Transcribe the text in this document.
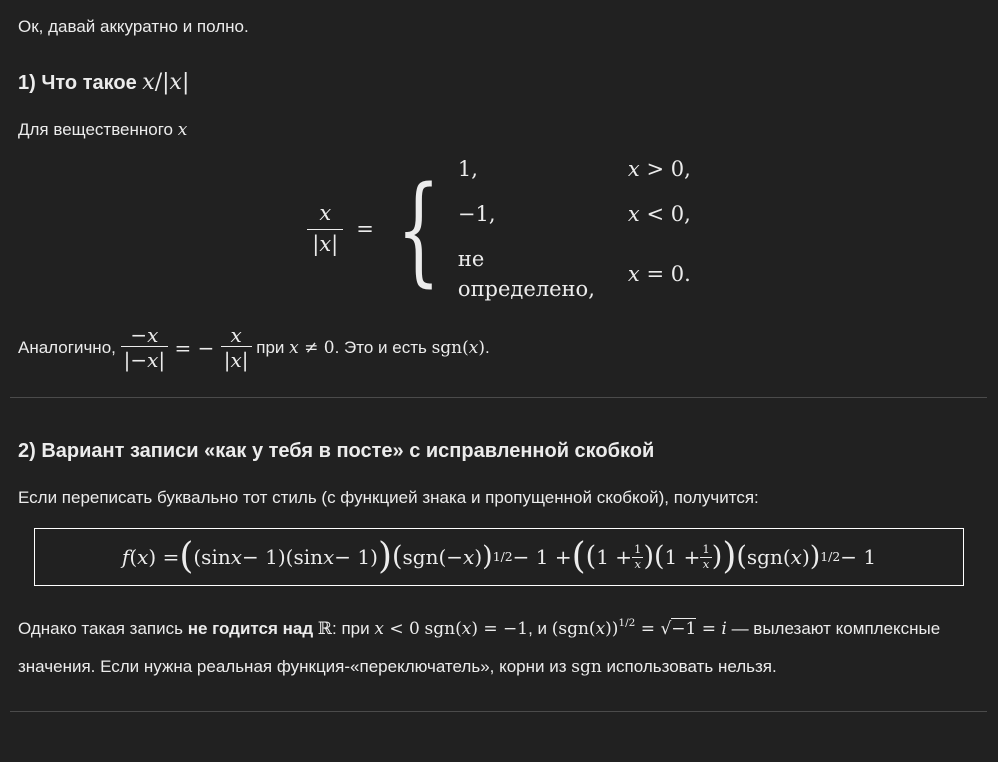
Ок, давай аккуратно и полно.

1) Что такое x/|x|

Для вещественного x

$\frac{x}{|x|}$ = { 1,	x > 0,
−1,	x < 0,
не определено,
x = 0.

Аналогично, $\frac{-x}{|-x|}$ = − $\frac{x}{|x|}$ при x ≠ 0. Это и есть sgn(x).

2) Вариант записи «как у тебя в посте» с исправленной скобкой

Если переписать буквально тот стиль (с функцией знака и пропущенной скобкой), получится:

f ( x ) = ( (sin x − 1)(sin x − 1) ) ( sgn(− x ) ) 1/2 − 1 + ( ( 1 + 1
x ) ( 1 + 1
x ) ) ( sgn( x ) ) 1/2 − 1

Однако такая запись не годится над ℝ: при x < 0 sgn(x) = −1, и $(sgn(x))^{1/2} = √-1 = i$ — вылезают комплексные значения. Если нужна реальная функция-«переключатель», корни из sgn использовать нельзя.
